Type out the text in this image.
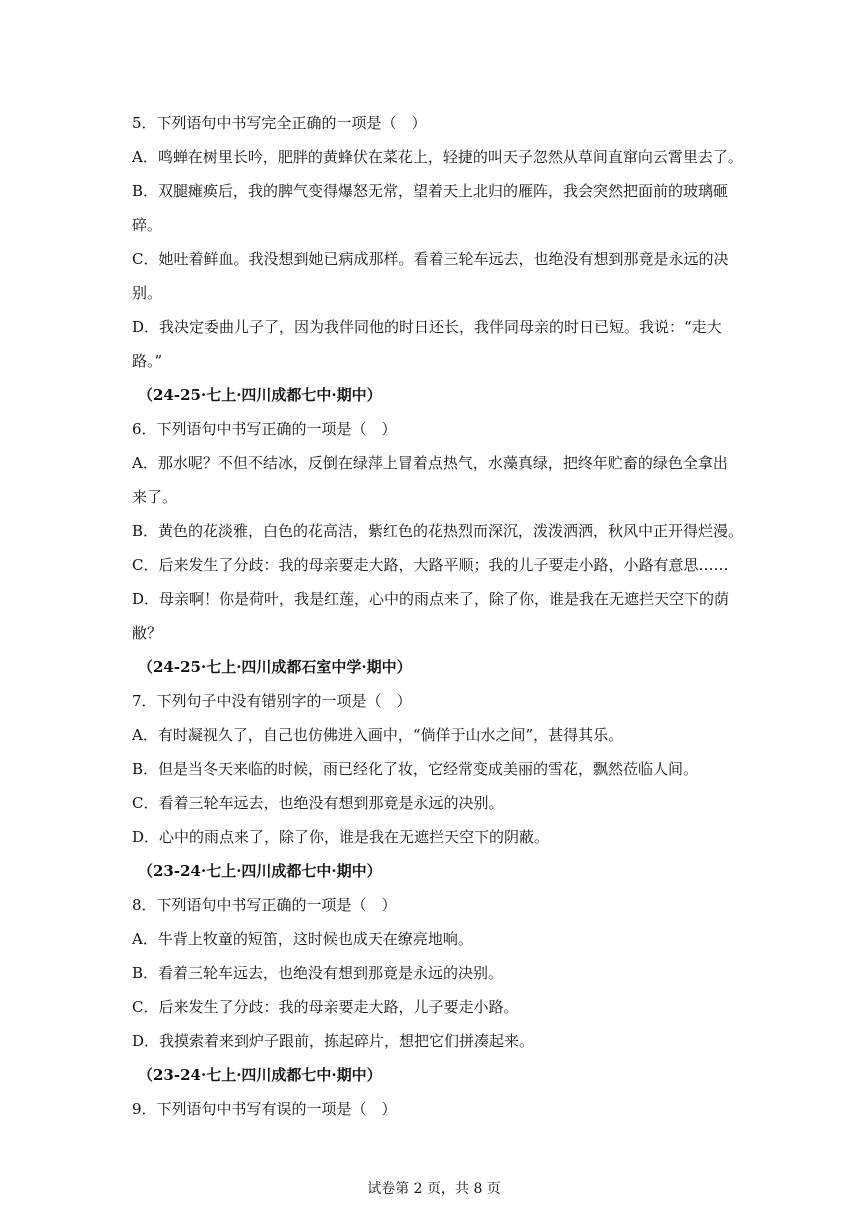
5．下列语句中书写完全正确的一项是（　）
A．鸣蝉在树里长吟，肥胖的黄蜂伏在菜花上，轻捷的叫天子忽然从草间直窜向云霄里去了。
B．双腿瘫痪后，我的脾气变得爆怒无常，望着天上北归的雁阵，我会突然把面前的玻璃砸
碎。
C．她吐着鲜血。我没想到她已病成那样。看着三轮车远去，也绝没有想到那竟是永远的决
别。
D．我决定委曲儿子了，因为我伴同他的时日还长，我伴同母亲的时日已短。我说：“走大
路。”
（24-25·七上·四川成都七中·期中）
6．下列语句中书写正确的一项是（　）
A．那水呢？不但不结冰，反倒在绿萍上冒着点热气，水藻真绿，把终年贮畜的绿色全拿出
来了。
B．黄色的花淡雅，白色的花高洁，紫红色的花热烈而深沉，泼泼洒洒，秋风中正开得烂漫。
C．后来发生了分歧：我的母亲要走大路，大路平顺；我的儿子要走小路，小路有意思……
D．母亲啊！你是荷叶，我是红莲，心中的雨点来了，除了你，谁是我在无遮拦天空下的荫
敝？
（24-25·七上·四川成都石室中学·期中）
7．下列句子中没有错别字的一项是（　）
A．有时凝视久了，自己也仿佛进入画中，“倘佯于山水之间”，甚得其乐。
B．但是当冬天来临的时候，雨已经化了妆，它经常变成美丽的雪花，飘然莅临人间。
C．看着三轮车远去，也绝没有想到那竟是永远的决别。
D．心中的雨点来了，除了你，谁是我在无遮拦天空下的阴蔽。
（23-24·七上·四川成都七中·期中）
8．下列语句中书写正确的一项是（　）
A．牛背上牧童的短笛，这时候也成天在缭亮地响。
B．看着三轮车远去，也绝没有想到那竟是永远的决别。
C．后来发生了分歧：我的母亲要走大路，儿子要走小路。
D．我摸索着来到炉子跟前，拣起碎片，想把它们拼凑起来。
（23-24·七上·四川成都七中·期中）
9．下列语句中书写有误的一项是（　）
试卷第 2 页，共 8 页
